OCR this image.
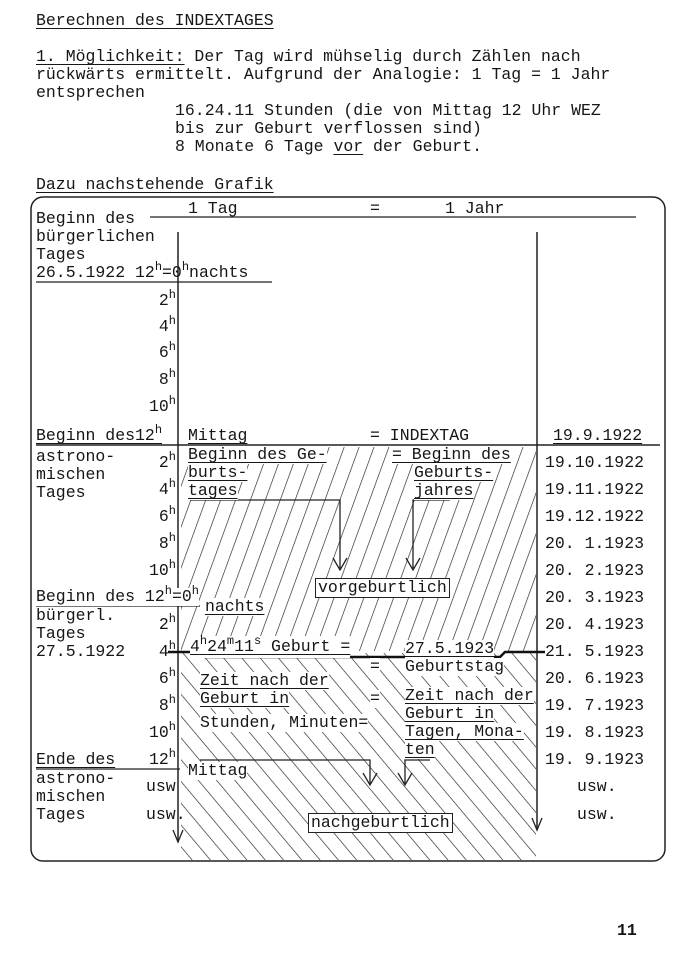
Berechnen des INDEXTAGES
1. Möglichkeit: Der Tag wird mühselig durch Zählen nach
rückwärts ermittelt. Aufgrund der Analogie: 1 Tag = 1 Jahr
entsprechen
16.24.11 Stunden (die von Mittag 12 Uhr WEZ
bis zur Geburt verflossen sind)
8 Monate 6 Tage vor der Geburt.
Dazu nachstehende Grafik
1 Tag	=	1 Jahr
Beginn des
bürgerlichen
Tages
26.5.1922 $12^h=0^hnachts$
2$^h$
4$^h$
6$^h$
8$^h$
10$^h$
Beginn des12$^h$ Mittag	= INDEXTAG
astrono-
mischen
Tages
2$^h$
4$^h$
6$^h$
8$^h$
10$^h$
Beginn des Ge-
burts-
tages
= Beginn des
Geburts-
jahres
vorgeburtlich
Beginn des $12^h=0^h$
nachts
bürgerl.
Tages
27.5.1922
2$^h$
4$^h$
6$^h$
8$^h$
10$^h$
12$^h$
4$^h$24$^m$11$^s$ Geburt =	27.5.1923
= Geburtstag
Zeit nach der
Geburt in	=
Stunden, Minuten=
Zeit nach der
Geburt in
Tagen, Mona-
ten
Ende des
astrono-
mischen
Tages
usw
usw.
Mittag
nachgeburtlich
19.9.1922
19.10.1922
19.11.1922
19.12.1922
20. 1.1923
20. 2.1923
20. 3.1923
20. 4.1923
21. 5.1923
20. 6.1923
19. 7.1923
19. 8.1923
19. 9.1923
usw.
usw.
11
